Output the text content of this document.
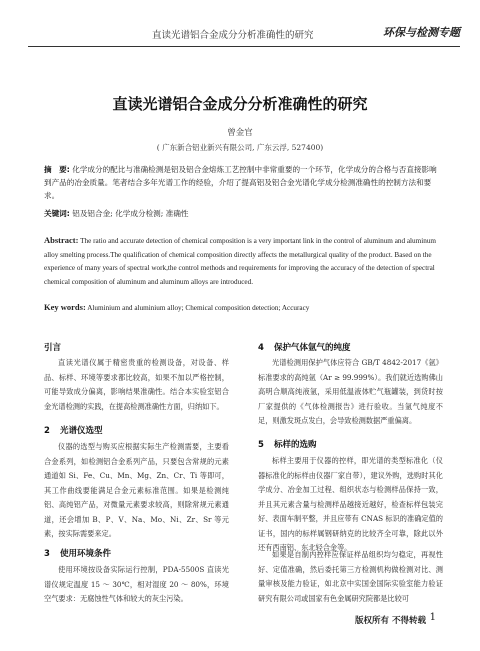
直读光谱铝合金成分分析准确性的研究	环保与检测专题
直读光谱铝合金成分分析准确性的研究
曾金官
( 广东新合铝业新兴有限公司, 广东云浮, 527400)
摘　要: 化学成分的配比与准确检测是铝及铝合金熔炼工艺控制中非常重要的一个环节，化学成分的合格与否直接影响到产品的冶金质量。笔者结合多年光谱工作的经验，介绍了提高铝及铝合金光谱化学成分检测准确性的控制方法和要求。
关键词: 铝及铝合金; 化学成分检测; 准确性
Abstract: The ratio and accurate detection of chemical composition is a very important link in the control of aluminum and aluminum alloy smelting process.The qualification of chemical composition directly affects the metallurgical quality of the product. Based on the experience of many years of spectral work,the control methods and requirements for improving the accuracy of the detection of spectral chemical composition of aluminum and aluminum alloys are introduced.
Key words: Aluminium and aluminium alloy; Chemical composition detection; Accuracy
引言
直读光谱仪属于精密贵重的检测设备，对设备、样品、标样、环境等要求都比较高，如果不加以严格控制，可能导致成分偏离，影响结果准确性。结合本实验室铝合金光谱检测的实践，在提高检测准确性方面，归纳如下。
2 光谱仪选型
仪器的选型与购买应根据实际生产检测需要，主要看合金系列，如检测铝合金系列产品，只要包含常规的元素通道如 Si、Fe、Cu、Mn、Mg、Zn、Cr、Ti 等即可，其工作曲线要能满足合金元素标准范围。如果是检测纯铝、高纯铝产品，对微量元素要求较高，则除常规元素通道，还会增加 B、P、V、Na、Mo、Ni、Zr、Sr 等元素，按实际需要来定。
3 使用环境条件
使用环境按设备实际运行控制，PDA-5500S 直读光谱仪规定温度 15 ～ 30℃，相对湿度 20 ～ 80%，环境空气要求：无腐蚀性气体和较大的灰尘污染。
4 保护气体氩气的纯度
光谱检测用保护气体应符合 GB/T 4842-2017《氩》标准要求的高纯氩（Ar ≥ 99.999%）。我们就近选购佛山高明合顺高纯液氩，采用低温液体贮气瓶罐装，到货时按厂家提供的《气体检测报告》进行验收。当氩气纯度不足，则激发斑点发白，会导致检测数据严重偏离。
5 标样的选购
标样主要用于仪器的控样，即光谱的类型标准化（仪器标准化的标样由仪器厂家自带），建议外购，选购时其化学成分、冶金加工过程、组织状态与检测样品保持一致，并且其元素含量与检测样品越接近越好，检查标样包装完好、表面车制平整，并且应带有 CNAS 标识的准确定值的证书，国内的标样属钢研纳克的比较齐全可靠，除此以外还有西南铝、东北轻合金等。
如果是自制内控样应保证样品组织均匀稳定，再视性好、定值准确，然后委托第三方检测机构做检测对比、测量审核及能力验证，如北京中实国金国际实验室能力验证研究有限公司或国家有色金属研究院都是比较可
版权所有 不得转载 1
